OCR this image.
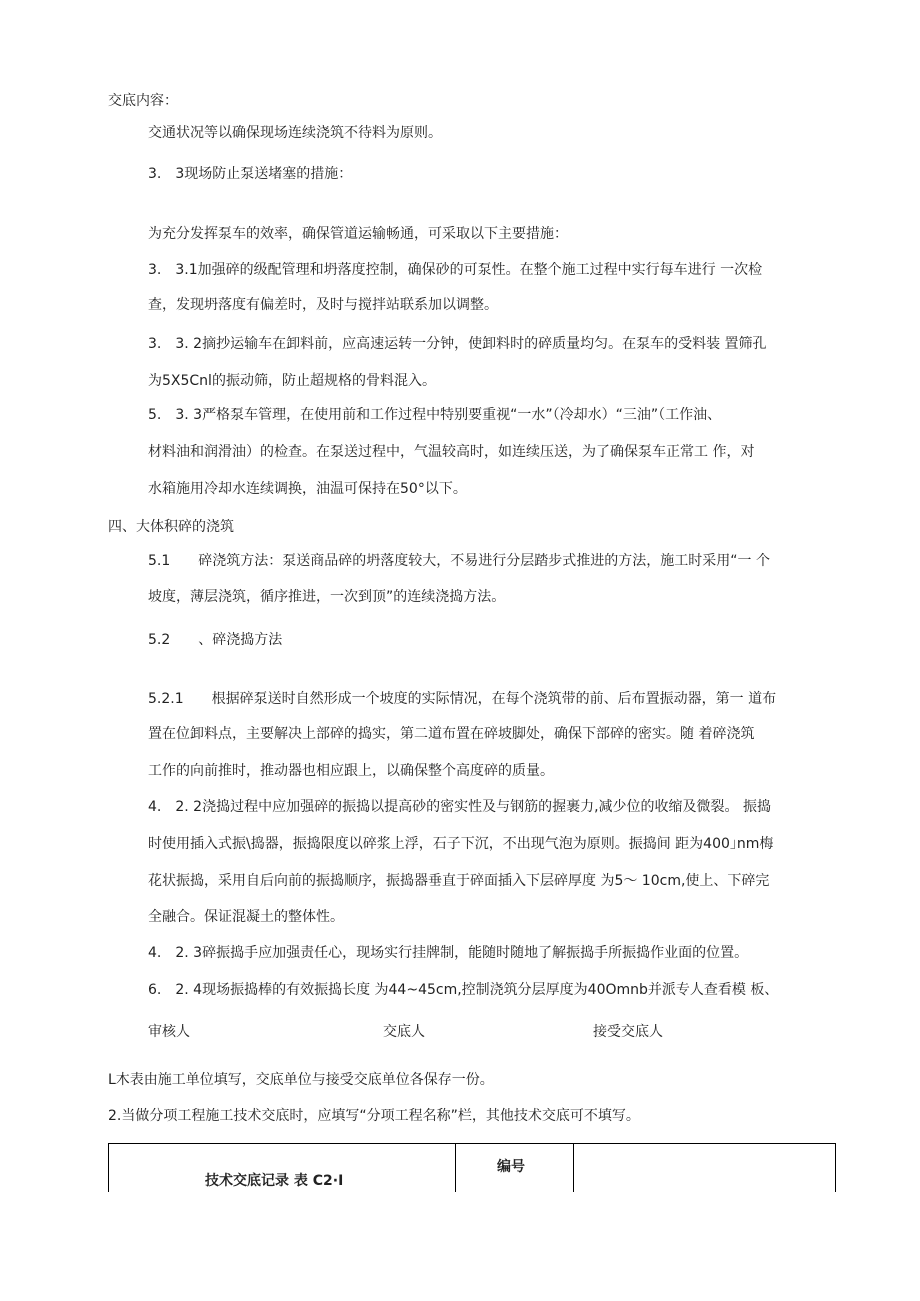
交底内容：
交通状况等以确保现场连续浇筑不待料为原则。
3.　3现场防止泵送堵塞的措施：
为充分发挥泵车的效率，确保管道运输畅通，可采取以下主要措施：
3.　3.1加强碎的级配管理和坍落度控制，确保砂的可泵性。在整个施工过程中实行每车进行 一次检
查，发现坍落度有偏差时，及时与搅拌站联系加以调整。
3.　3. 2摘抄运输车在卸料前，应高速运转一分钟，使卸料时的碎质量均匀。在泵车的受料装 置筛孔
为5X5Cnl的振动筛，防止超规格的骨料混入。
5.　3. 3严格泵车管理，在使用前和工作过程中特别要重视“一水”（冷却水）“三油”（工作油、
材料油和润滑油）的检查。在泵送过程中，气温较高时，如连续压送，为了确保泵车正常工 作，对
水箱施用冷却水连续调换，油温可保持在50°以下。
四、大体积碎的浇筑
5.1　　碎浇筑方法：泵送商品碎的坍落度较大，不易进行分层踏步式推进的方法，施工时采用“一 个
坡度，薄层浇筑，循序推进，一次到顶”的连续浇捣方法。
5.2　　、碎浇捣方法
5.2.1　　根据碎泵送时自然形成一个坡度的实际情况，在每个浇筑带的前、后布置振动器，第一 道布
置在位卸料点，主要解决上部碎的捣实，第二道布置在碎坡脚处，确保下部碎的密实。随 着碎浇筑
工作的向前推时，推动器也相应跟上，以确保整个高度碎的质量。
4.　2. 2浇捣过程中应加强碎的振捣以提高砂的密实性及与钢筋的握裹力,减少位的收缩及微裂。 振捣
时使用插入式振\捣器，振捣限度以碎浆上浮，石子下沉，不出现气泡为原则。振捣间 距为400｣nm梅
花状振捣，采用自后向前的振捣顺序，振捣器垂直于碎面插入下层碎厚度 为5～ 10cm,使上、下碎完
全融合。保证混凝土的整体性。
4.　2. 3碎振捣手应加强责任心，现场实行挂牌制，能随时随地了解振捣手所振捣作业面的位置。
6.　2. 4现场振捣棒的有效振捣长度 为44~45cm,控制浇筑分层厚度为40Omnb并派专人查看模 板、
审核人	交底人	接受交底人
L木表由施工单位填写，交底单位与接受交底单位各保存一份。
2.当做分项工程施工技术交底时，应填写“分项工程名称”栏，其他技术交底可不填写。
技术交底记录 表 C2·I
编号
